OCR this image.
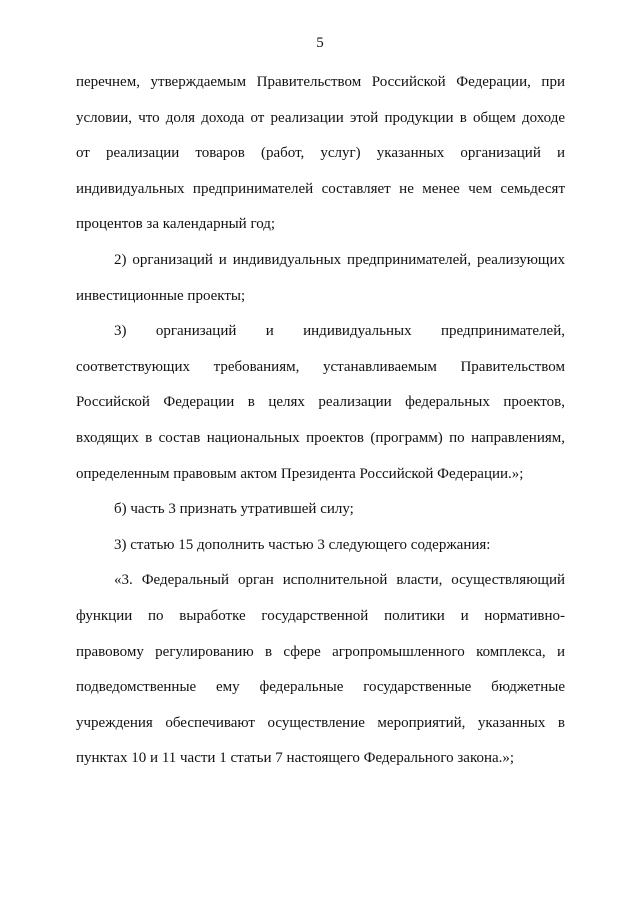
5

перечнем, утверждаемым Правительством Российской Федерации, при
условии, что доля дохода от реализации этой продукции в общем доходе
от реализации товаров (работ, услуг) указанных организаций и
индивидуальных предпринимателей составляет не менее чем семьдесят
процентов за календарный год;

2) организаций и индивидуальных предпринимателей, реализующих
инвестиционные проекты;

3) организаций и индивидуальных предпринимателей,
соответствующих требованиям, устанавливаемым Правительством
Российской Федерации в целях реализации федеральных проектов,
входящих в состав национальных проектов (программ) по направлениям,
определенным правовым актом Президента Российской Федерации.»;

б) часть 3 признать утратившей силу;

3) статью 15 дополнить частью 3 следующего содержания:

«3. Федеральный орган исполнительной власти, осуществляющий
функции по выработке государственной политики и нормативно-
правовому регулированию в сфере агропромышленного комплекса, и
подведомственные ему федеральные государственные бюджетные
учреждения обеспечивают осуществление мероприятий, указанных в
пунктах 10 и 11 части 1 статьи 7 настоящего Федерального закона.»;
